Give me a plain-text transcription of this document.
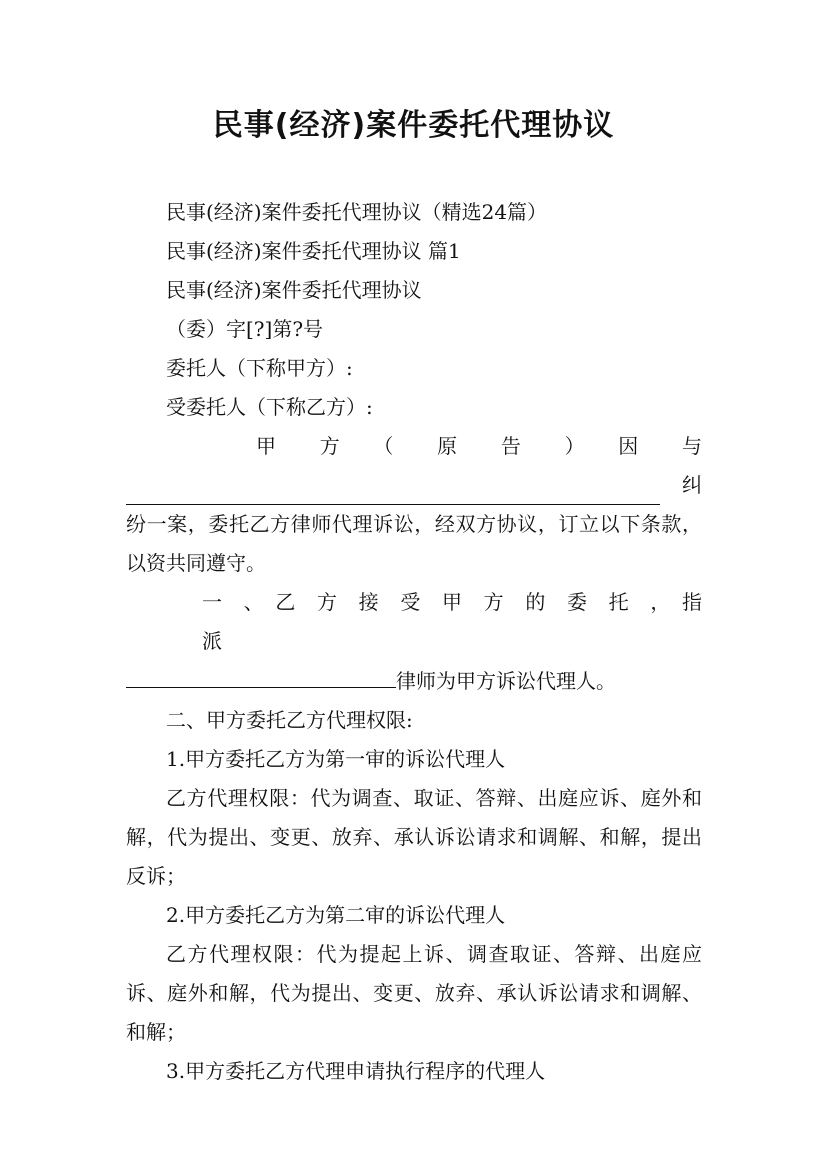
民事(经济)案件委托代理协议

民事(经济)案件委托代理协议（精选24篇）

民事(经济)案件委托代理协议 篇1

民事(经济)案件委托代理协议

（委）字[?]第?号

委托人（下称甲方）:

受委托人（下称乙方）:

甲　方　（　原　告　）　因　与

纠

纷一案，委托乙方律师代理诉讼，经双方协议，订立以下条款，以资共同遵守。

一　、　乙　方　接　受　甲　方　的　委　托　，　指　派

律师为甲方诉讼代理人。

二、甲方委托乙方代理权限:

1.甲方委托乙方为第一审的诉讼代理人

乙方代理权限：代为调查、取证、答辩、出庭应诉、庭外和解，代为提出、变更、放弃、承认诉讼请求和调解、和解，提出反诉；

2.甲方委托乙方为第二审的诉讼代理人

乙方代理权限：代为提起上诉、调查取证、答辩、出庭应诉、庭外和解，代为提出、变更、放弃、承认诉讼请求和调解、和解；

3.甲方委托乙方代理申请执行程序的代理人
